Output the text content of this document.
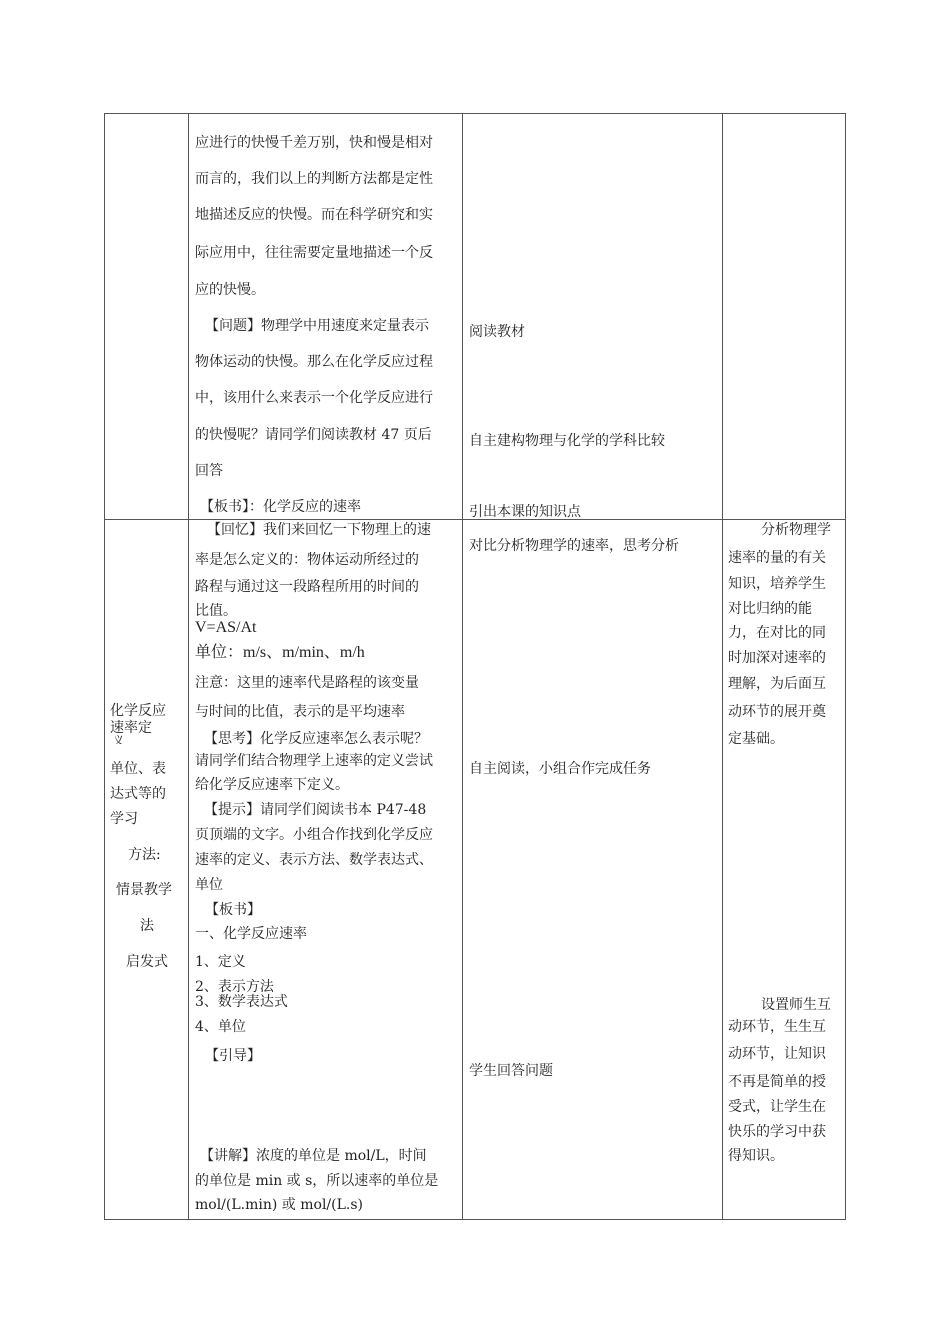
应进行的快慢千差万别，快和慢是相对
而言的，我们以上的判断方法都是定性
地描述反应的快慢。而在科学研究和实
际应用中，往往需要定量地描述一个反
应的快慢。
【问题】物理学中用速度来定量表示
物体运动的快慢。那么在化学反应过程
中，该用什么来表示一个化学反应进行
的快慢呢？请同学们阅读教材 47 页后
回答
【板书】：化学反应的速率
阅读教材
自主建构物理与化学的学科比较
引出本课的知识点
化学反应
速率定
义
单位、表
达式等的
学习
方法:
情景教学
法
启发式
【回忆】我们来回忆一下物理上的速
率是怎么定义的：物体运动所经过的
路程与通过这一段路程所用的时间的
比值。
V=AS/At
单位：m/s、m/min、m/h
注意：这里的速率代是路程的该变量
与时间的比值，表示的是平均速率
【思考】化学反应速率怎么表示呢？
请同学们结合物理学上速率的定义尝试
给化学反应速率下定义。
【提示】请同学们阅读书本 P47-48
页顶端的文字。小组合作找到化学反应
速率的定义、表示方法、数学表达式、
单位
【板书】
一、化学反应速率
1、定义
2、表示方法
3、数学表达式
4、单位
【引导】
【讲解】浓度的单位是 mol/L，时间
的单位是 min 或 s，所以速率的单位是
mol/(L.min) 或 mol/(L.s)
对比分析物理学的速率，思考分析
自主阅读，小组合作完成任务
学生回答问题
分析物理学
速率的量的有关
知识，培养学生
对比归纳的能
力，在对比的同
时加深对速率的
理解，为后面互
动环节的展开奠
定基础。
设置师生互
动环节，生生互
动环节，让知识
不再是简单的授
受式，让学生在
快乐的学习中获
得知识。
